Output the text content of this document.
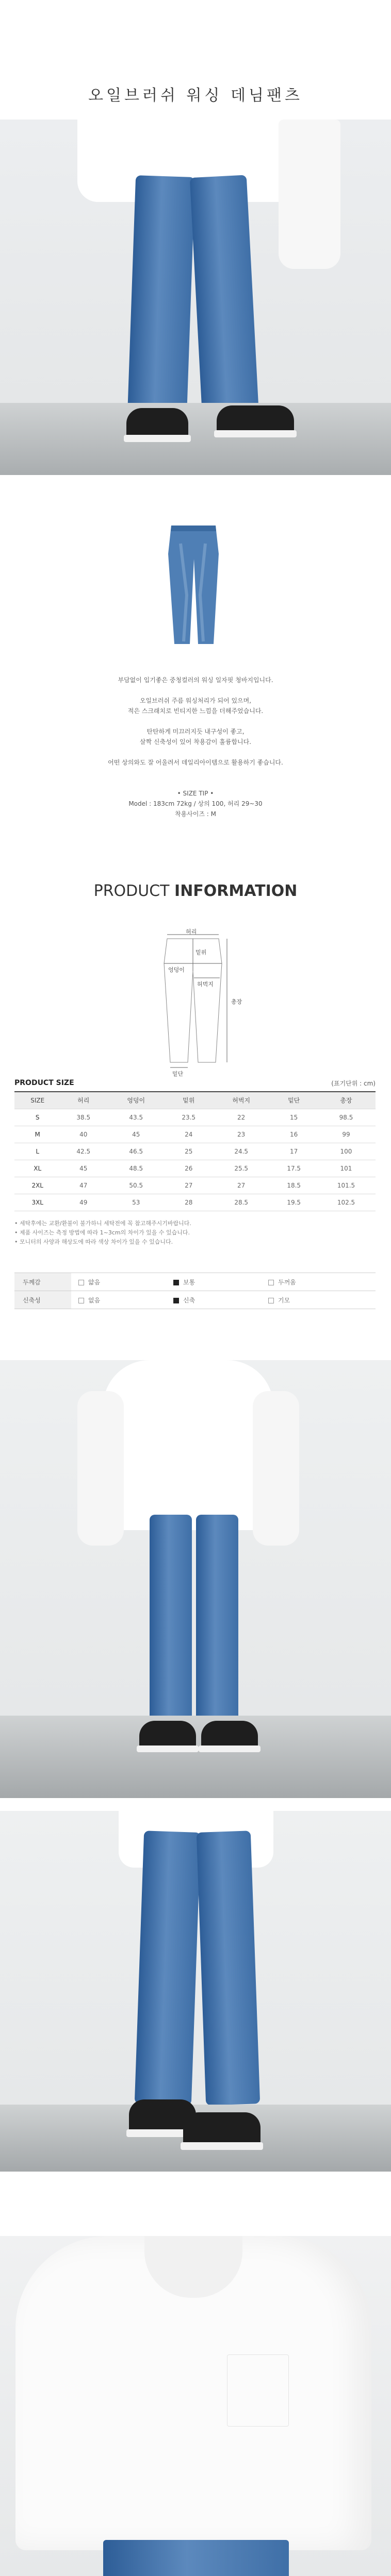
오일브러쉬 워싱 데님팬츠

부담없이 입기좋은 중청컬러의 워싱 일자핏 청바지입니다.

오일브러쉬 주름 워싱처리가 되어 있으며,

적은 스크래치로 빈티지한 느낌을 더해주었습니다.

탄탄하게 미끄러지듯 내구성이 좋고,

살짝 신축성이 있어 착용감이 훌륭합니다.

어떤 상의와도 잘 어울려서 데일리아이템으로 활용하기 좋습니다.

• SIZE TIP •

Model : 183cm 72kg / 상의 100, 허리 29~30

착용사이즈 : M

PRODUCT INFORMATION
허리
밑위
엉덩이
허벅지
총장
밑단
PRODUCT SIZE	(표기단위 : cm)
SIZE	허리	엉덩이	밑위	허벅지	밑단	총장
S	38.5	43.5	23.5	22	15	98.5
M	40	45	24	23	16	99
L	42.5	46.5	25	24.5	17	100
XL	45	48.5	26	25.5	17.5	101
2XL	47	50.5	27	27	18.5	101.5
3XL	49	53	28	28.5	19.5	102.5
• 세탁후에는 교환/환불이 불가하니 세탁전에 꼭 참고해주시기바랍니다.
• 제품 사이즈는 측정 방법에 따라 1~3cm의 차이가 있을 수 있습니다.
• 모니터의 사양과 해상도에 따라 색상 차이가 있을 수 있습니다.
두께감	얇음	보통	두꺼움
신축성	없음	신축	기모
